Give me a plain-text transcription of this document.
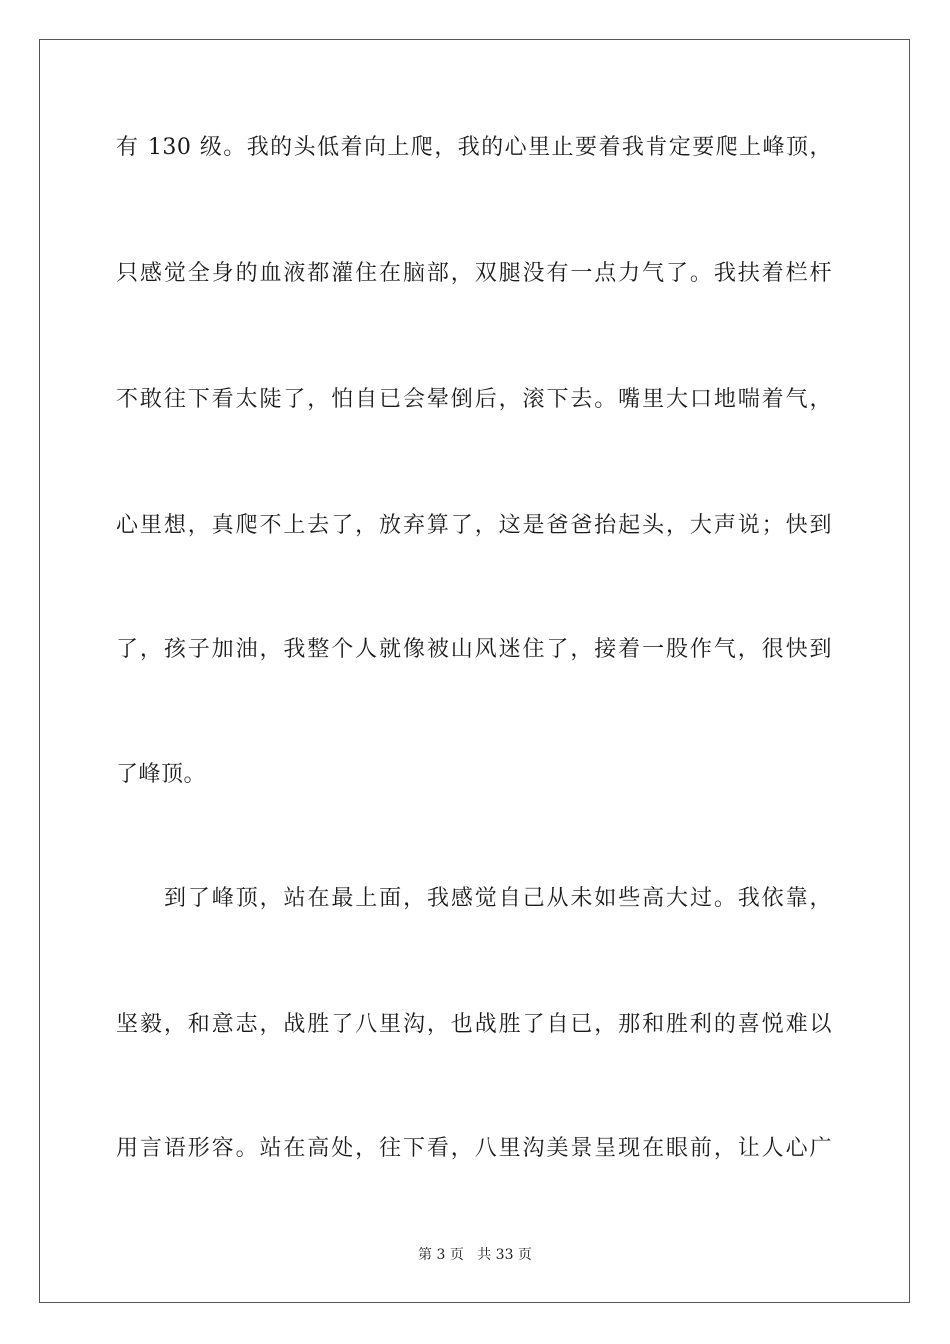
有 130 级。我的头低着向上爬，我的心里止要着我肯定要爬上峰顶，
只感觉全身的血液都灌住在脑部，双腿没有一点力气了。我扶着栏杆
不敢往下看太陡了，怕自已会晕倒后，滚下去。嘴里大口地喘着气，
心里想，真爬不上去了，放弃算了，这是爸爸抬起头，大声说；快到
了，孩子加油，我整个人就像被山风迷住了，接着一股作气，很快到
了峰顶。
到了峰顶，站在最上面，我感觉自己从未如些高大过。我依靠，
坚毅，和意志，战胜了八里沟，也战胜了自已，那和胜利的喜悦难以
用言语形容。站在高处，往下看，八里沟美景呈现在眼前，让人心广
第 3 页 共 33 页
